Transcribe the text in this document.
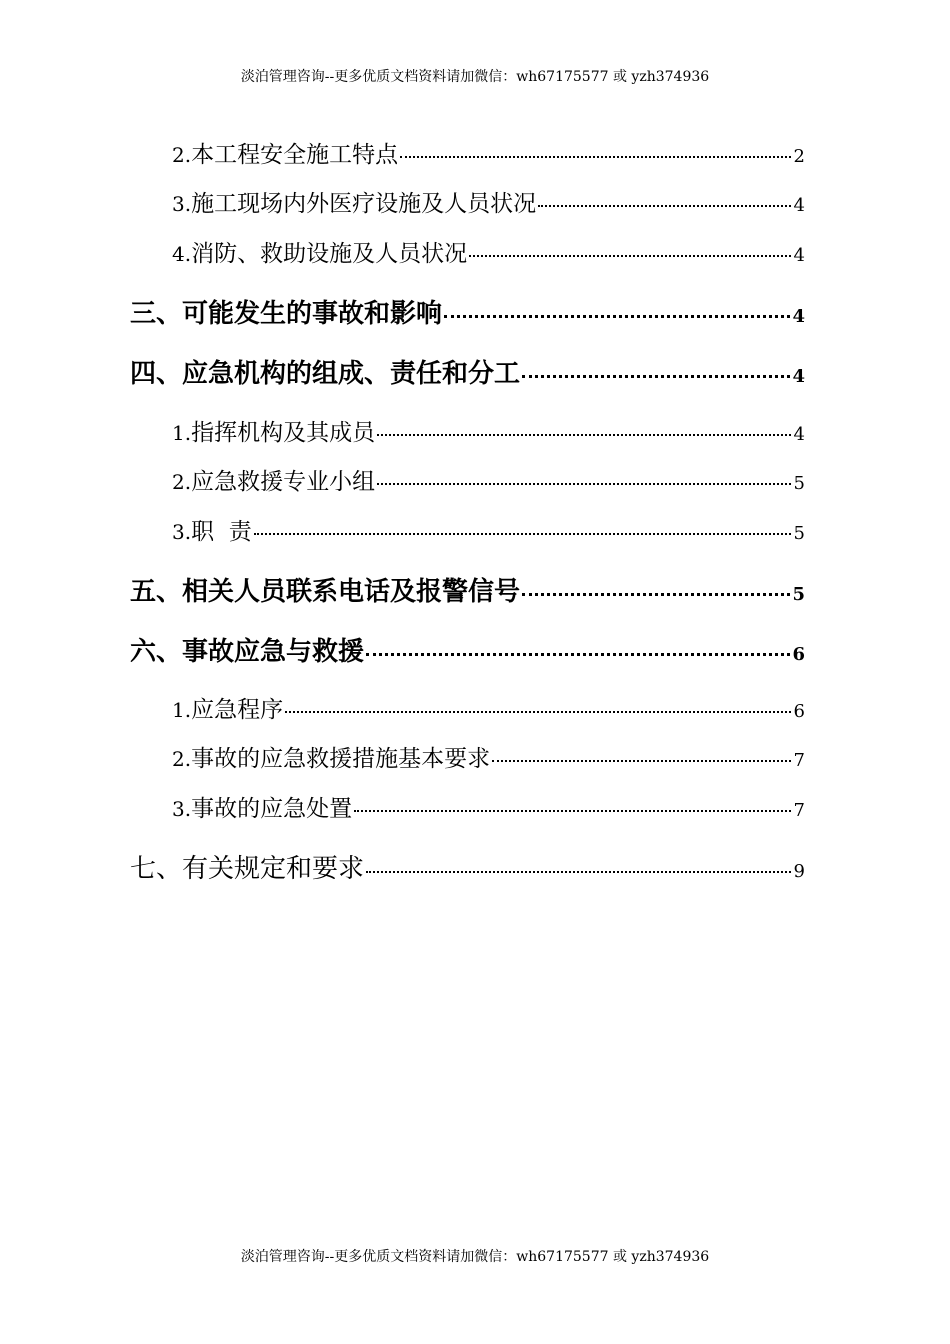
淡泊管理咨询--更多优质文档资料请加微信：wh67175577 或 yzh374936
2. 本工程安全施工特点	2
3. 施工现场内外医疗设施及人员状况	4
4. 消防、救助设施及人员状况	4
三、可能发生的事故和影响	4
四、应急机构的组成、责任和分工	4
1. 指挥机构及其成员	4
2. 应急救援专业小组	5
3. 职  责	5
五、相关人员联系电话及报警信号	5
六、事故应急与救援	6
1. 应急程序	6
2. 事故的应急救援措施基本要求	7
3. 事故的应急处置	7
七、有关规定和要求	9
淡泊管理咨询--更多优质文档资料请加微信：wh67175577 或 yzh374936
